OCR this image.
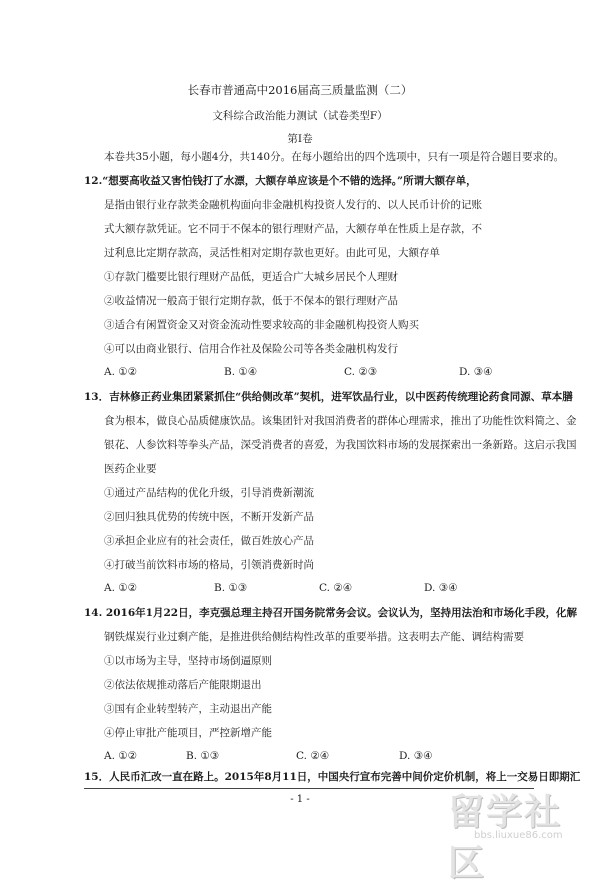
长春市普通高中2016届高三质量监测（二）
文科综合政治能力测试（试卷类型F）
第Ⅰ卷
本卷共35小题，每小题4分，共140分。在每小题给出的四个选项中，只有一项是符合题目要求的。
12.“想要高收益又害怕钱打了水漂，大额存单应该是个不错的选择。”所谓大额存单，
是指由银行业存款类金融机构面向非金融机构投资人发行的、以人民币计价的记账
式大额存款凭证。它不同于不保本的银行理财产品，大额存单在性质上是存款，不
过利息比定期存款高，灵活性相对定期存款也更好。由此可见，大额存单
①存款门槛要比银行理财产品低，更适合广大城乡居民个人理财
②收益情况一般高于银行定期存款，低于不保本的银行理财产品
③适合有闲置资金又对资金流动性要求较高的非金融机构投资人购买
④可以由商业银行、信用合作社及保险公司等各类金融机构发行
A. ①②	B. ①④	C. ②③	D. ③④
13．吉林修正药业集团紧紧抓住“供给侧改革”契机，进军饮品行业，以中医药传统理论药食同源、草本膳
食为根本，做良心品质健康饮品。该集团针对我国消费者的群体心理需求，推出了功能性饮料简之、金
银花、人参饮料等拳头产品，深受消费者的喜爱，为我国饮料市场的发展探索出一条新路。这启示我国
医药企业要
①通过产品结构的优化升级，引导消费新潮流
②回归独具优势的传统中医，不断开发新产品
③承担企业应有的社会责任，做百姓放心产品
④打破当前饮料市场的格局，引领消费新时尚
A. ①②	B. ①③	C. ②④	D. ③④
14. 2016年1月22日，李克强总理主持召开国务院常务会议。会议认为，坚持用法治和市场化手段，化解
钢铁煤炭行业过剩产能，是推进供给侧结构性改革的重要举措。这表明去产能、调结构需要
①以市场为主导，坚持市场倒逼原则
②依法依规推动落后产能限期退出
③国有企业转型转产，主动退出产能
④停止审批产能项目，严控新增产能
A. ①②	B. ①③	C. ②④	D. ③④
15．人民币汇改一直在路上。2015年8月11日，中国央行宣布完善中间价定价机制，将上一交易日即期汇
- 1 -	留学社区
bbs.liuxue86.com
